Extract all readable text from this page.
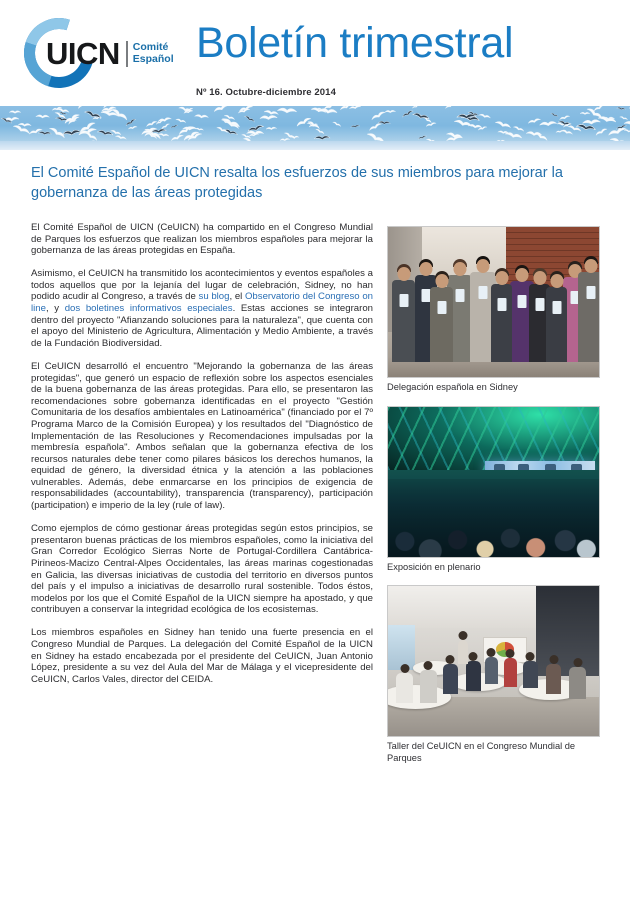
UICN Comité
Español Boletín trimestral
Nº 16. Octubre-diciembre 2014
El Comité Español de UICN resalta los esfuerzos de sus miembros para mejorar la gobernanza de las áreas protegidas

El Comité Español de UICN (CeUICN) ha compartido en el Congreso Mundial de Parques los esfuerzos que realizan los miembros españoles para mejorar la gobernanza de las áreas protegidas en España.

Asimismo, el CeUICN ha transmitido los acontecimientos y eventos españoles a todos aquellos que por la lejanía del lugar de celebración, Sidney, no han podido acudir al Congreso, a través de su blog, el Observatorio del Congreso on line, y dos boletines informativos especiales. Estas acciones se integraron dentro del proyecto "Afianzando soluciones para la naturaleza", que cuenta con el apoyo del Ministerio de Agricultura, Alimentación y Medio Ambiente, a través de la Fundación Biodiversidad.

El CeUICN desarrolló el encuentro "Mejorando la gobernanza de las áreas protegidas", que generó un espacio de reflexión sobre los aspectos esenciales de la buena gobernanza de las áreas protegidas. Para ello, se presentaron las recomendaciones sobre gobernanza identificadas en el proyecto "Gestión Comunitaria de los desafíos ambientales en Latinoamérica" (financiado por el 7º Programa Marco de la Comisión Europea) y los resultados del "Diagnóstico de Implementación de las Resoluciones y Recomendaciones impulsadas por la membresía española". Ambos señalan que la gobernanza efectiva de los recursos naturales debe tener como pilares básicos los derechos humanos, la equidad de género, la diversidad étnica y la atención a las poblaciones vulnerables. Además, debe enmarcarse en los principios de exigencia de responsabilidades (accountability), transparencia (transparency), participación (participation) e imperio de la ley (rule of law).

Como ejemplos de cómo gestionar áreas protegidas según estos principios, se presentaron buenas prácticas de los miembros españoles, como la iniciativa del Gran Corredor Ecológico Sierras Norte de Portugal-Cordillera Cantábrica- Pirineos-Macizo Central-Alpes Occidentales, las áreas marinas cogestionadas en Galicia, las diversas iniciativas de custodia del territorio en diversos puntos del país y el impulso a iniciativas de desarrollo rural sostenible. Todos éstos, modelos por los que el Comité Español de la UICN siempre ha apostado, y que contribuyen a conservar la integridad ecológica de los ecosistemas.

Los miembros españoles en Sidney han tenido una fuerte presencia en el Congreso Mundial de Parques. La delegación del Comité Español de la UICN en Sidney ha estado encabezada por el presidente del CeUICN, Juan Antonio López, presidente a su vez del Aula del Mar de Málaga y el vicepresidente del CeUICN, Carlos Vales, director del CEIDA.

Delegación española en Sidney
Exposición en plenario
Taller del CeUICN en el Congreso Mundial de Parques
